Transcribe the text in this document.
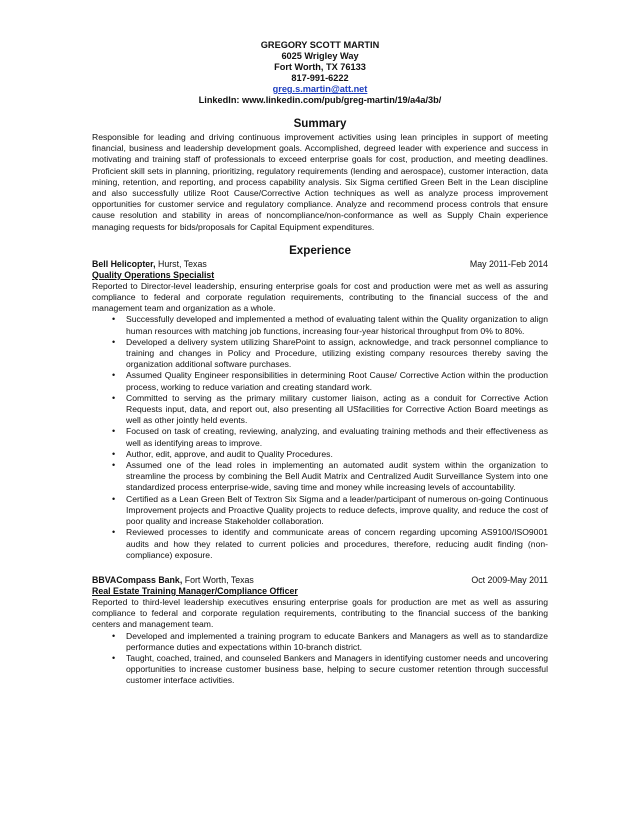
GREGORY SCOTT MARTIN
6025 Wrigley Way
Fort Worth, TX 76133
817-991-6222
greg.s.martin@att.net
LinkedIn: www.linkedin.com/pub/greg-martin/19/a4a/3b/
Summary

Responsible for leading and driving continuous improvement activities using lean principles in support of meeting financial, business and leadership development goals. Accomplished, degreed leader with experience and success in motivating and training staff of professionals to exceed enterprise goals for cost, production, and meeting deadlines. Proficient skill sets in planning, prioritizing, regulatory requirements (lending and aerospace), customer interaction, data mining, retention, and reporting, and process capability analysis. Six Sigma certified Green Belt in the Lean discipline and also successfully utilize Root Cause/Corrective Action techniques as well as analyze process improvement opportunities for customer service and regulatory compliance. Analyze and recommend process controls that ensure cause resolution and stability in areas of noncompliance/non-conformance as well as Supply Chain experience managing requests for bids/proposals for Capital Equipment expenditures.

Experience
Bell Helicopter, Hurst, Texas	May 2011-Feb 2014
Quality Operations Specialist

Reported to Director-level leadership, ensuring enterprise goals for cost and production were met as well as assuring compliance to federal and corporate regulation requirements, contributing to the financial success of the and management team and organization as a whole.

• Successfully developed and implemented a method of evaluating talent within the Quality organization to align human resources with matching job functions, increasing four-year historical throughput from 0% to 80%.
• Developed a delivery system utilizing SharePoint to assign, acknowledge, and track personnel compliance to training and changes in Policy and Procedure, utilizing existing company resources thereby saving the organization additional software purchases.
• Assumed Quality Engineer responsibilities in determining Root Cause/ Corrective Action within the production process, working to reduce variation and creating standard work.
• Committed to serving as the primary military customer liaison, acting as a conduit for Corrective Action Requests input, data, and report out, also presenting all USfacilities for Corrective Action Board meetings as well as other jointly held events.
• Focused on task of creating, reviewing, analyzing, and evaluating training methods and their effectiveness as well as identifying areas to improve.
• Author, edit, approve, and audit to Quality Procedures.
• Assumed one of the lead roles in implementing an automated audit system within the organization to streamline the process by combining the Bell Audit Matrix and Centralized Audit Surveillance System into one standardized process enterprise-wide, saving time and money while increasing levels of accountability.
• Certified as a Lean Green Belt of Textron Six Sigma and a leader/participant of numerous on-going Continuous Improvement projects and Proactive Quality projects to reduce defects, improve quality, and reduce the cost of poor quality and increase Stakeholder collaboration.
• Reviewed processes to identify and communicate areas of concern regarding upcoming AS9100/ISO9001 audits and how they related to current policies and procedures, therefore, reducing audit finding (non-compliance) exposure.
BBVACompass Bank, Fort Worth, Texas	Oct 2009-May 2011
Real Estate Training Manager/Compliance Officer

Reported to third-level leadership executives ensuring enterprise goals for production are met as well as assuring compliance to federal and corporate regulation requirements, contributing to the financial success of the banking centers and management team.

• Developed and implemented a training program to educate Bankers and Managers as well as to standardize performance duties and expectations within 10-branch district.
• Taught, coached, trained, and counseled Bankers and Managers in identifying customer needs and uncovering opportunities to increase customer business base, helping to secure customer retention through successful customer interface activities.
